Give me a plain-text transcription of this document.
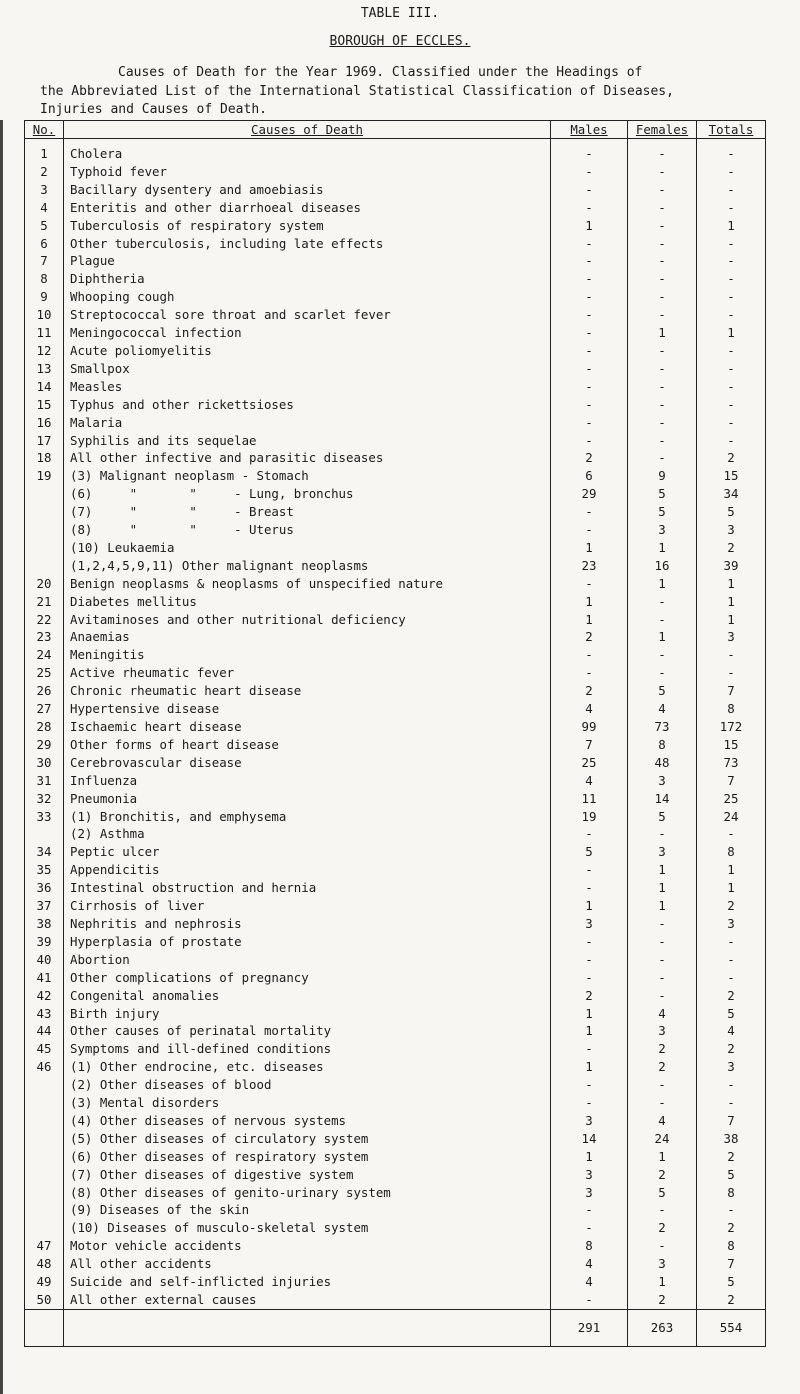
TABLE III.
BOROUGH OF ECCLES.
Causes of Death for the Year 1969. Classified under the Headings of
the Abbreviated List of the International Statistical Classification of Diseases,
Injuries and Causes of Death.
No.	Causes of Death	Males	Females	Totals
1	Cholera	-	-	-
2	Typhoid fever	-	-	-
3	Bacillary dysentery and amoebiasis	-	-	-
4	Enteritis and other diarrhoeal diseases	-	-	-
5	Tuberculosis of respiratory system	1	-	1
6	Other tuberculosis, including late effects	-	-	-
7	Plague	-	-	-
8	Diphtheria	-	-	-
9	Whooping cough	-	-	-
10	Streptococcal sore throat and scarlet fever	-	-	-
11	Meningococcal infection	-	1	1
12	Acute poliomyelitis	-	-	-
13	Smallpox	-	-	-
14	Measles	-	-	-
15	Typhus and other rickettsioses	-	-	-
16	Malaria	-	-	-
17	Syphilis and its sequelae	-	-	-
18	All other infective and parasitic diseases	2	-	2
19	(3) Malignant neoplasm - Stomach	6	9	15
	(6)     "       "     - Lung, bronchus	29	5	34
	(7)     "       "     - Breast	-	5	5
	(8)     "       "     - Uterus	-	3	3
	(10) Leukaemia	1	1	2
	(1,2,4,5,9,11) Other malignant neoplasms	23	16	39
20	Benign neoplasms & neoplasms of unspecified nature	-	1	1
21	Diabetes mellitus	1	-	1
22	Avitaminoses and other nutritional deficiency	1	-	1
23	Anaemias	2	1	3
24	Meningitis	-	-	-
25	Active rheumatic fever	-	-	-
26	Chronic rheumatic heart disease	2	5	7
27	Hypertensive disease	4	4	8
28	Ischaemic heart disease	99	73	172
29	Other forms of heart disease	7	8	15
30	Cerebrovascular disease	25	48	73
31	Influenza	4	3	7
32	Pneumonia	11	14	25
33	(1) Bronchitis, and emphysema	19	5	24
	(2) Asthma	-	-	-
34	Peptic ulcer	5	3	8
35	Appendicitis	-	1	1
36	Intestinal obstruction and hernia	-	1	1
37	Cirrhosis of liver	1	1	2
38	Nephritis and nephrosis	3	-	3
39	Hyperplasia of prostate	-	-	-
40	Abortion	-	-	-
41	Other complications of pregnancy	-	-	-
42	Congenital anomalies	2	-	2
43	Birth injury	1	4	5
44	Other causes of perinatal mortality	1	3	4
45	Symptoms and ill-defined conditions	-	2	2
46	(1) Other endrocine, etc. diseases	1	2	3
	(2) Other diseases of blood	-	-	-
	(3) Mental disorders	-	-	-
	(4) Other diseases of nervous systems	3	4	7
	(5) Other diseases of circulatory system	14	24	38
	(6) Other diseases of respiratory system	1	1	2
	(7) Other diseases of digestive system	3	2	5
	(8) Other diseases of genito-urinary system	3	5	8
	(9) Diseases of the skin	-	-	-
	(10) Diseases of musculo-skeletal system	-	2	2
47	Motor vehicle accidents	8	-	8
48	All other accidents	4	3	7
49	Suicide and self-inflicted injuries	4	1	5
50	All other external causes	-	2	2
		291	263	554
